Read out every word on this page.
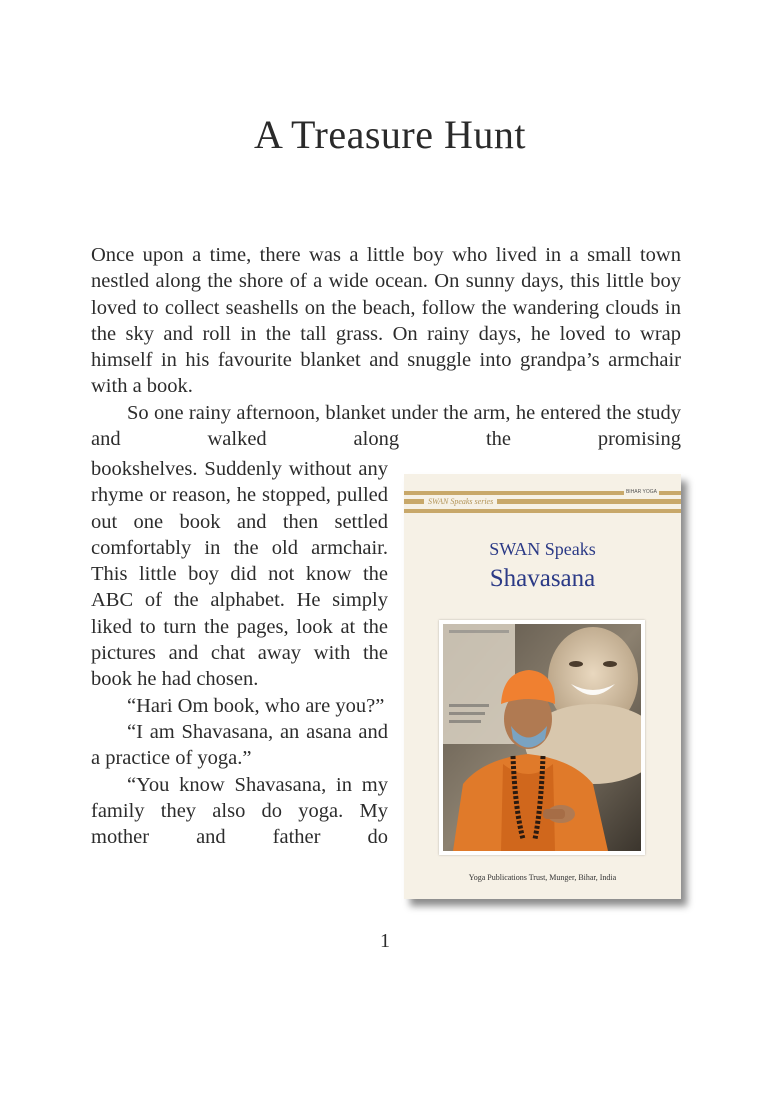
A Treasure Hunt

Once upon a time, there was a little boy who lived in a small town nestled along the shore of a wide ocean. On sunny days, this little boy loved to collect seashells on the beach, follow the wandering clouds in the sky and roll in the tall grass. On rainy days, he loved to wrap himself in his favourite blanket and snuggle into grandpa’s armchair with a book.

So one rainy afternoon, blanket under the arm, he entered the study and walked along the promising

bookshelves. Suddenly without any rhyme or reason, he stopped, pulled out one book and then settled comfortably in the old armchair. This little boy did not know the ABC of the alphabet. He simply liked to turn the pages, look at the pictures and chat away with the book he had chosen.

“Hari Om book, who are you?”

“I am Shavasana, an asana and a practice of yoga.”

“You know Shavasana, in my family they also do yoga. My mother and father do

SWAN Speaks series
BIHAR YOGA
SWAN Speaks
Shavasana
Yoga Publications Trust, Munger, Bihar, India
1
